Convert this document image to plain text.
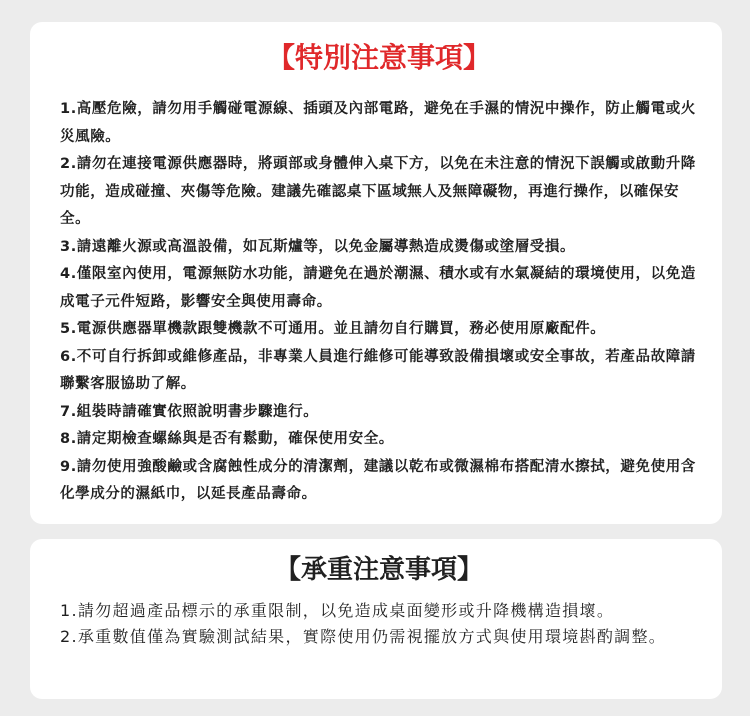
【特別注意事項】
1.高壓危險，請勿用手觸碰電源線、插頭及內部電路，避免在手濕的情況中操作，防止觸電或火災風險。
2.請勿在連接電源供應器時，將頭部或身體伸入桌下方，以免在未注意的情況下誤觸或啟動升降功能，造成碰撞、夾傷等危險。建議先確認桌下區域無人及無障礙物，再進行操作，以確保安全。
3.請遠離火源或高溫設備，如瓦斯爐等，以免金屬導熱造成燙傷或塗層受損。
4.僅限室內使用，電源無防水功能，請避免在過於潮濕、積水或有水氣凝結的環境使用，以免造成電子元件短路，影響安全與使用壽命。
5.電源供應器單機款跟雙機款不可通用。並且請勿自行購買，務必使用原廠配件。
6.不可自行拆卸或維修產品，非專業人員進行維修可能導致設備損壞或安全事故，若產品故障請聯繫客服協助了解。
7.組裝時請確實依照說明書步驟進行。
8.請定期檢查螺絲與是否有鬆動，確保使用安全。
9.請勿使用強酸鹼或含腐蝕性成分的清潔劑，建議以乾布或微濕棉布搭配清水擦拭，避免使用含化學成分的濕紙巾，以延長產品壽命。
【承重注意事項】
1.請勿超過產品標示的承重限制，以免造成桌面變形或升降機構造損壞。
2.承重數值僅為實驗測試結果，實際使用仍需視擺放方式與使用環境斟酌調整。
